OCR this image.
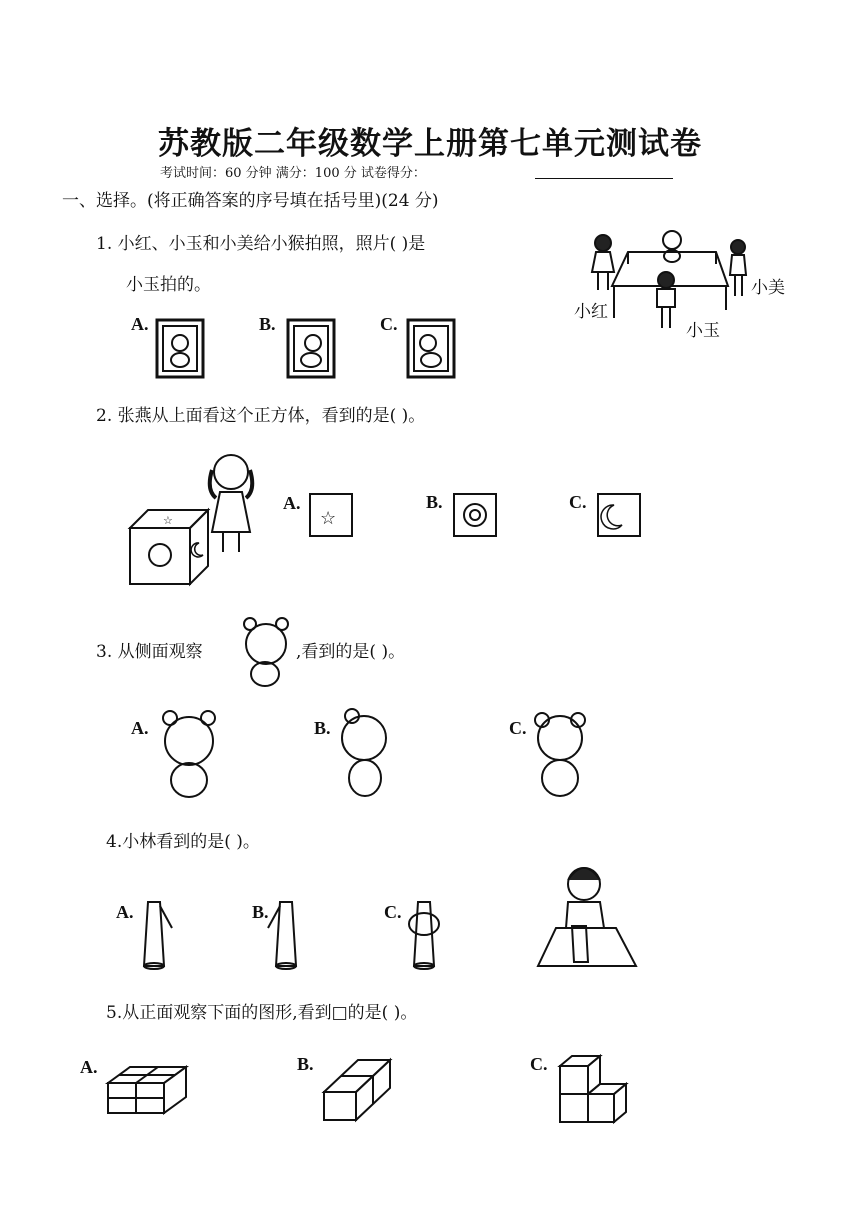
苏教版二年级数学上册第七单元测试卷
考试时间：60 分钟 满分：100 分 试卷得分：
一、选择。(将正确答案的序号填在括号里)(24 分)
1. 小红、小玉和小美给小猴拍照，照片( )是
小玉拍的。
☆	☆
小红
小玉
小美
A.	B.	C.
2. 张燕从上面看这个正方体，看到的是( )。
A.	B.	C.
3. 从侧面观察	,看到的是( )。
A.	B.	C.
4.小林看到的是( )。
A.	B.	C.
5.从正面观察下面的图形,看到□的是( )。
A.	B.	C.
